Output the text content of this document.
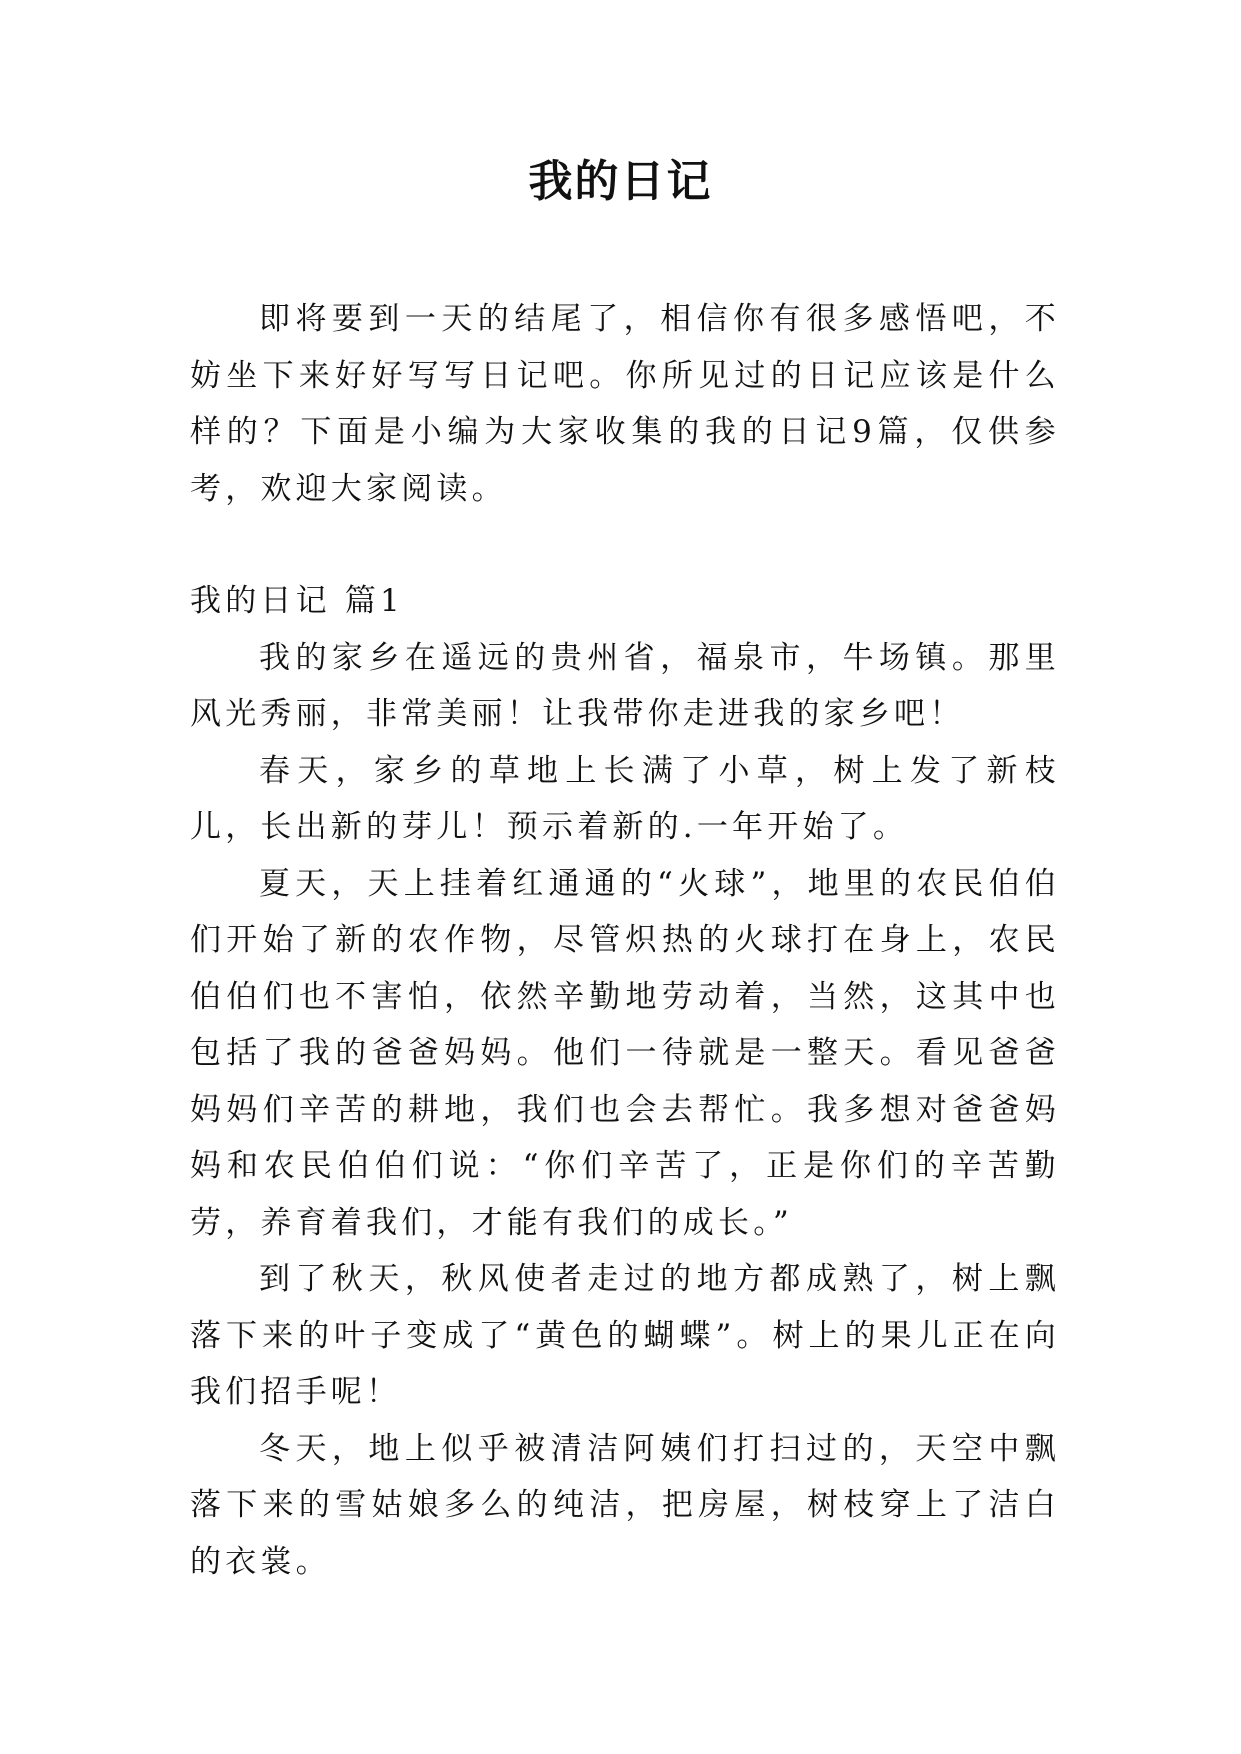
我的日记

即将要到一天的结尾了，相信你有很多感悟吧，不妨坐下来好好写写日记吧。你所见过的日记应该是什么样的？下面是小编为大家收集的我的日记9篇，仅供参考，欢迎大家阅读。

我的日记 篇1

我的家乡在遥远的贵州省，福泉市，牛场镇。那里风光秀丽，非常美丽！让我带你走进我的家乡吧！

春天，家乡的草地上长满了小草，树上发了新枝儿，长出新的芽儿！预示着新的.一年开始了。

夏天，天上挂着红通通的“火球”，地里的农民伯伯们开始了新的农作物，尽管炽热的火球打在身上，农民伯伯们也不害怕，依然辛勤地劳动着，当然，这其中也包括了我的爸爸妈妈。他们一待就是一整天。看见爸爸妈妈们辛苦的耕地，我们也会去帮忙。我多想对爸爸妈妈和农民伯伯们说：“你们辛苦了，正是你们的辛苦勤劳，养育着我们，才能有我们的成长。”

到了秋天，秋风使者走过的地方都成熟了，树上飘落下来的叶子变成了“黄色的蝴蝶”。树上的果儿正在向我们招手呢！

冬天，地上似乎被清洁阿姨们打扫过的，天空中飘落下来的雪姑娘多么的纯洁，把房屋，树枝穿上了洁白的衣裳。
